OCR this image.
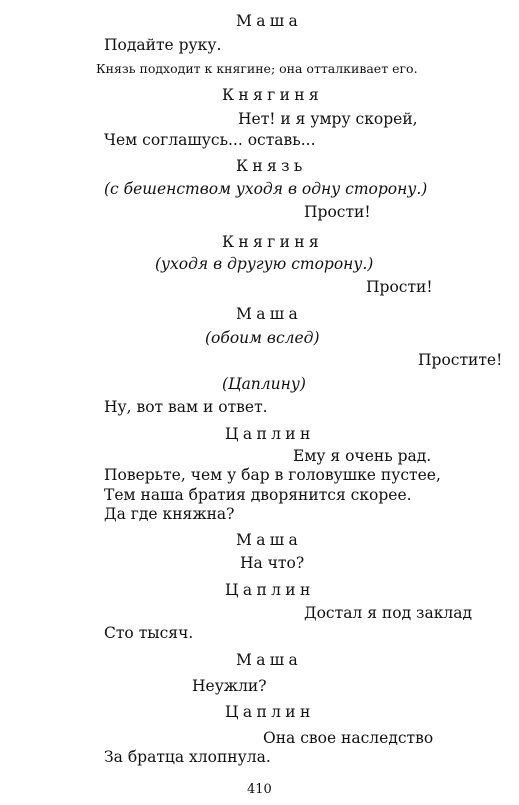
Маша
Подайте руку.
Князь подходит к княгине; она отталкивает его.
Княгиня
Нет! и я умру скорей,
Чем соглашусь... оставь...
Князь
(с бешенством уходя в одну сторону.)
Прости!
Княгиня
(уходя в другую сторону.)
Прости!
Маша
(обоим вслед)
Простите!
(Цаплину)
Ну, вот вам и ответ.
Цаплин
Ему я очень рад.
Поверьте, чем у бар в головушке пустее,
Тем наша братия дворянится скорее.
Да где княжна?
Маша
На что?
Цаплин
Достал я под заклад
Сто тысяч.
Маша
Неужли?
Цаплин
Она свое наследство
За братца хлопнула.
410
